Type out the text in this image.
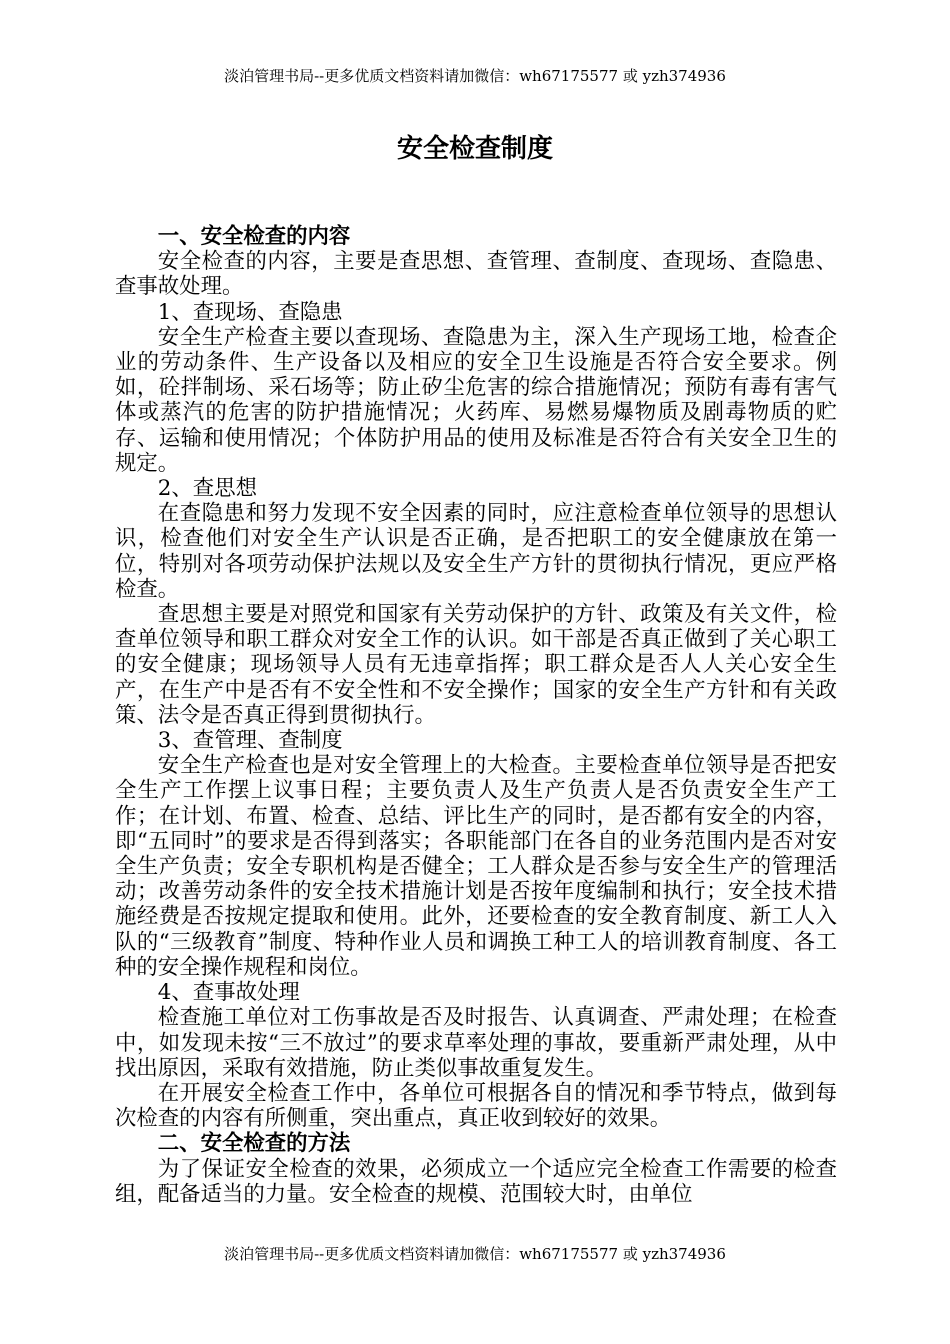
淡泊管理书局--更多优质文档资料请加微信：wh67175577 或 yzh374936
安全检查制度

一、安全检查的内容

安全检查的内容，主要是查思想、查管理、查制度、查现场、查隐患、查事故处理。

1、查现场、查隐患

安全生产检查主要以查现场、查隐患为主，深入生产现场工地，检查企业的劳动条件、生产设备以及相应的安全卫生设施是否符合安全要求。例如，砼拌制场、采石场等；防止矽尘危害的综合措施情况；预防有毒有害气体或蒸汽的危害的防护措施情况；火药库、易燃易爆物质及剧毒物质的贮存、运输和使用情况；个体防护用品的使用及标准是否符合有关安全卫生的规定。

2、查思想

在查隐患和努力发现不安全因素的同时，应注意检查单位领导的思想认识，检查他们对安全生产认识是否正确，是否把职工的安全健康放在第一位，特别对各项劳动保护法规以及安全生产方针的贯彻执行情况，更应严格检查。

查思想主要是对照党和国家有关劳动保护的方针、政策及有关文件，检查单位领导和职工群众对安全工作的认识。如干部是否真正做到了关心职工的安全健康；现场领导人员有无违章指挥；职工群众是否人人关心安全生产，在生产中是否有不安全性和不安全操作；国家的安全生产方针和有关政策、法令是否真正得到贯彻执行。

3、查管理、查制度

安全生产检查也是对安全管理上的大检查。主要检查单位领导是否把安全生产工作摆上议事日程；主要负责人及生产负责人是否负责安全生产工作；在计划、布置、检查、总结、评比生产的同时，是否都有安全的内容，即“五同时”的要求是否得到落实；各职能部门在各自的业务范围内是否对安全生产负责；安全专职机构是否健全；工人群众是否参与安全生产的管理活动；改善劳动条件的安全技术措施计划是否按年度编制和执行；安全技术措施经费是否按规定提取和使用。此外，还要检查的安全教育制度、新工人入队的“三级教育”制度、特种作业人员和调换工种工人的培训教育制度、各工种的安全操作规程和岗位。

4、查事故处理

检查施工单位对工伤事故是否及时报告、认真调查、严肃处理；在检查中，如发现未按“三不放过”的要求草率处理的事故，要重新严肃处理，从中找出原因，采取有效措施，防止类似事故重复发生。

在开展安全检查工作中，各单位可根据各自的情况和季节特点，做到每次检查的内容有所侧重，突出重点，真正收到较好的效果。

二、安全检查的方法

为了保证安全检查的效果，必须成立一个适应完全检查工作需要的检查组，配备适当的力量。安全检查的规模、范围较大时，由单位

淡泊管理书局--更多优质文档资料请加微信：wh67175577 或 yzh374936
